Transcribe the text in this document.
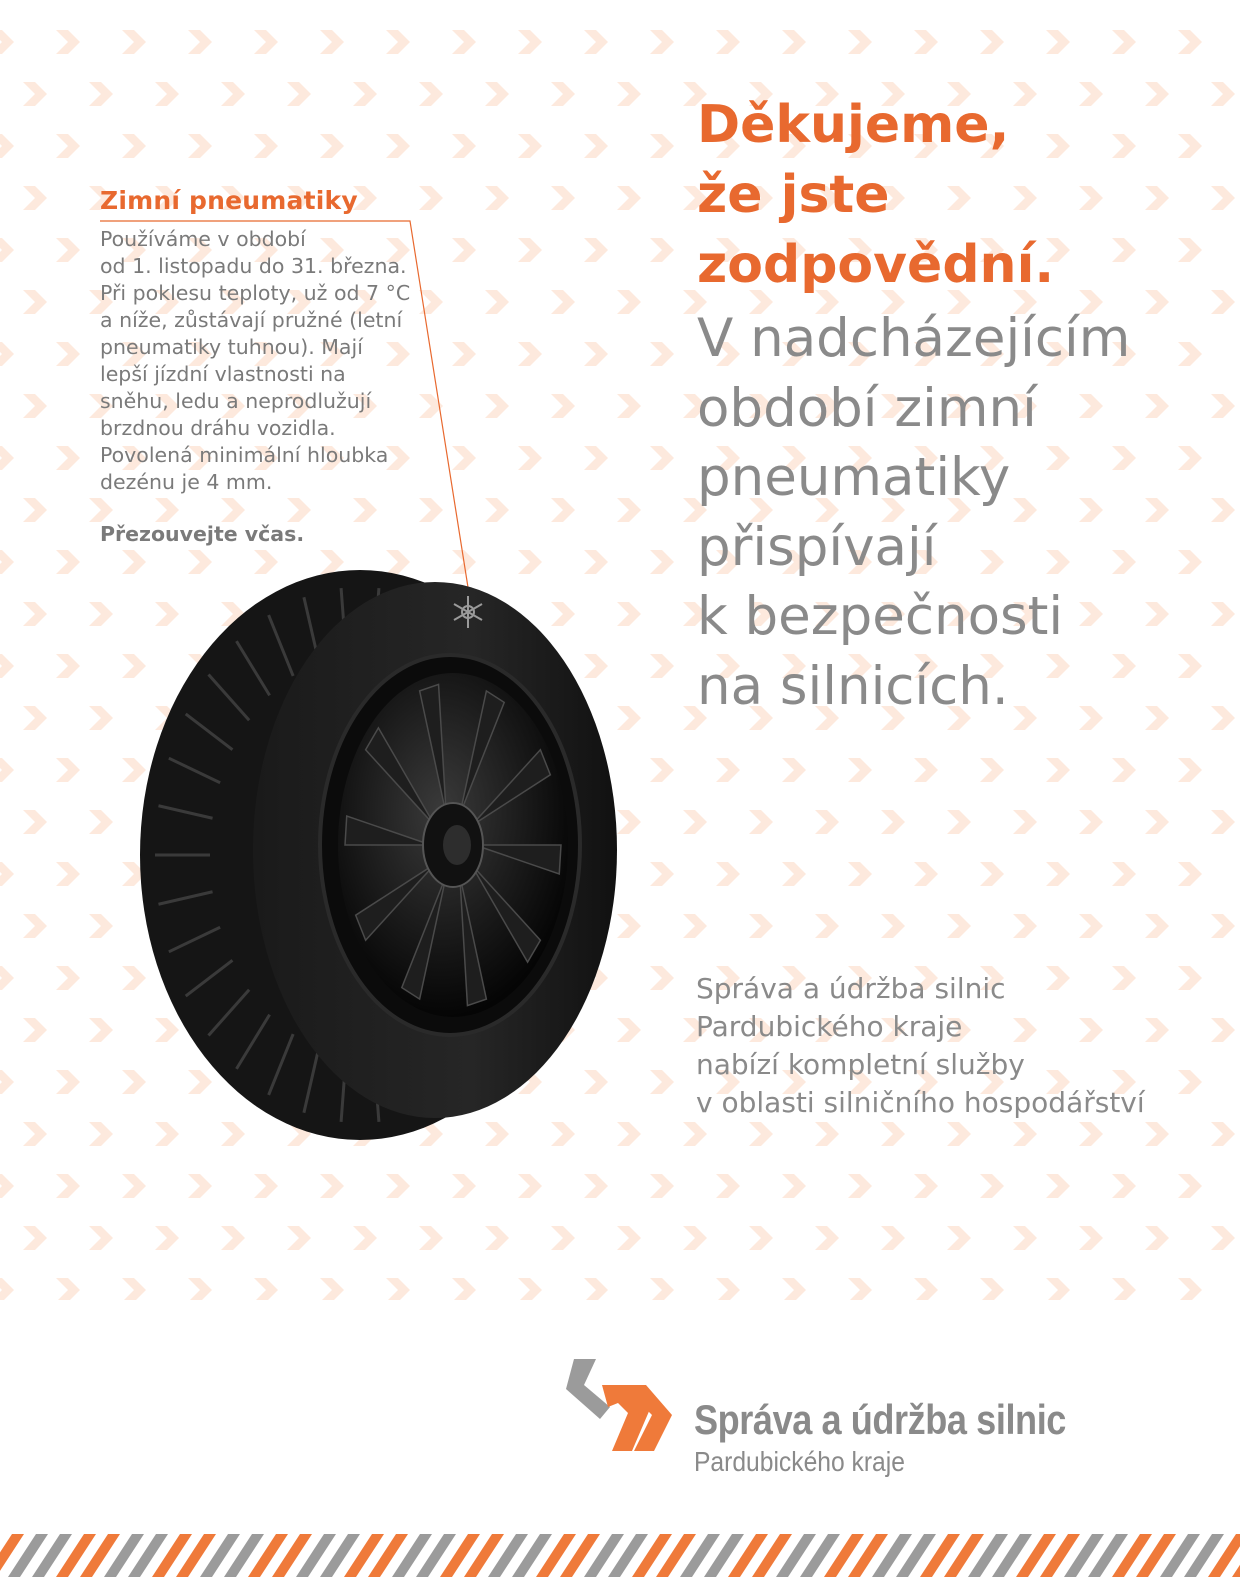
Zimní pneumatiky

Používáme v období
od 1. listopadu do 31. března.
Při poklesu teploty, už od 7 °C
a níže, zůstávají pružné (letní
pneumatiky tuhnou). Mají
lepší jízdní vlastnosti na
sněhu, ledu a neprodlužují
brzdnou dráhu vozidla.
Povolená minimální hloubka
dezénu je 4 mm.

Přezouvejte včas.

Děkujeme,
že jste
zodpovědní.
V nadcházejícím
období zimní
pneumatiky
přispívají
k bezpečnosti
na silnicích.
Správa a údržba silnic
Pardubického kraje
nabízí kompletní služby
v oblasti silničního hospodářství
Správa a údržba silnic
Pardubického kraje
